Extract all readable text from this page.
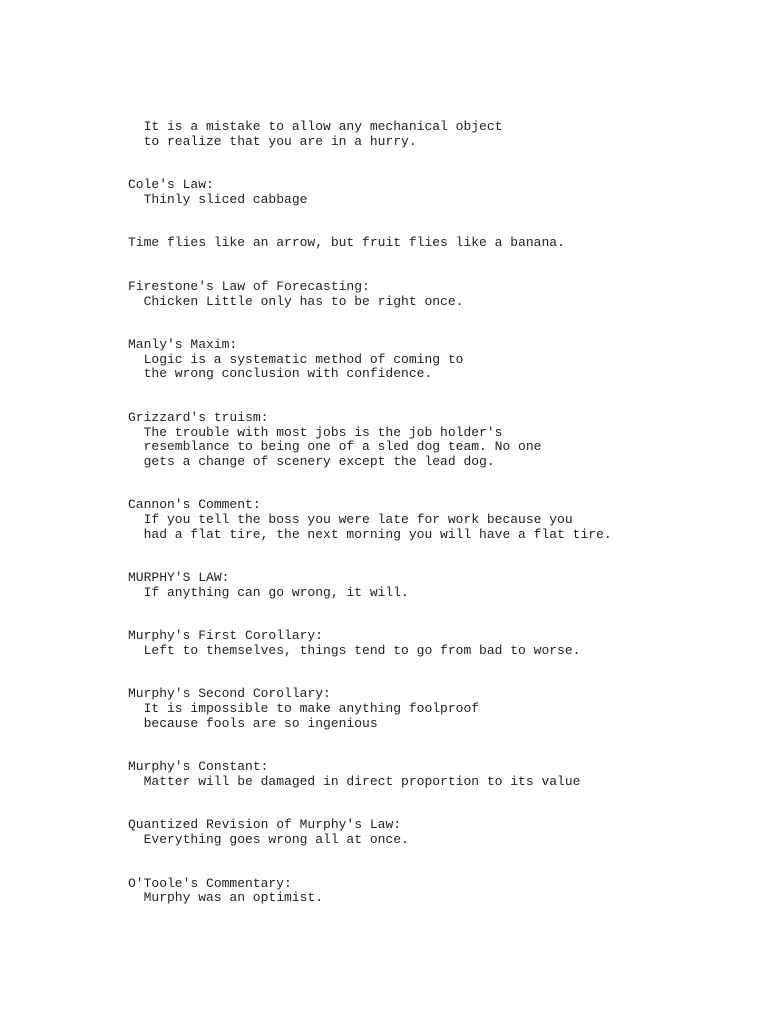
It is a mistake to allow any mechanical object
to realize that you are in a hurry.
Cole's Law:
Thinly sliced cabbage
Time flies like an arrow, but fruit flies like a banana.
Firestone's Law of Forecasting:
Chicken Little only has to be right once.
Manly's Maxim:
Logic is a systematic method of coming to
the wrong conclusion with confidence.
Grizzard's truism:
The trouble with most jobs is the job holder's
resemblance to being one of a sled dog team. No one
gets a change of scenery except the lead dog.
Cannon's Comment:
If you tell the boss you were late for work because you
had a flat tire, the next morning you will have a flat tire.
MURPHY'S LAW:
If anything can go wrong, it will.
Murphy's First Corollary:
Left to themselves, things tend to go from bad to worse.
Murphy's Second Corollary:
It is impossible to make anything foolproof
because fools are so ingenious
Murphy's Constant:
Matter will be damaged in direct proportion to its value
Quantized Revision of Murphy's Law:
Everything goes wrong all at once.
O'Toole's Commentary:
Murphy was an optimist.
